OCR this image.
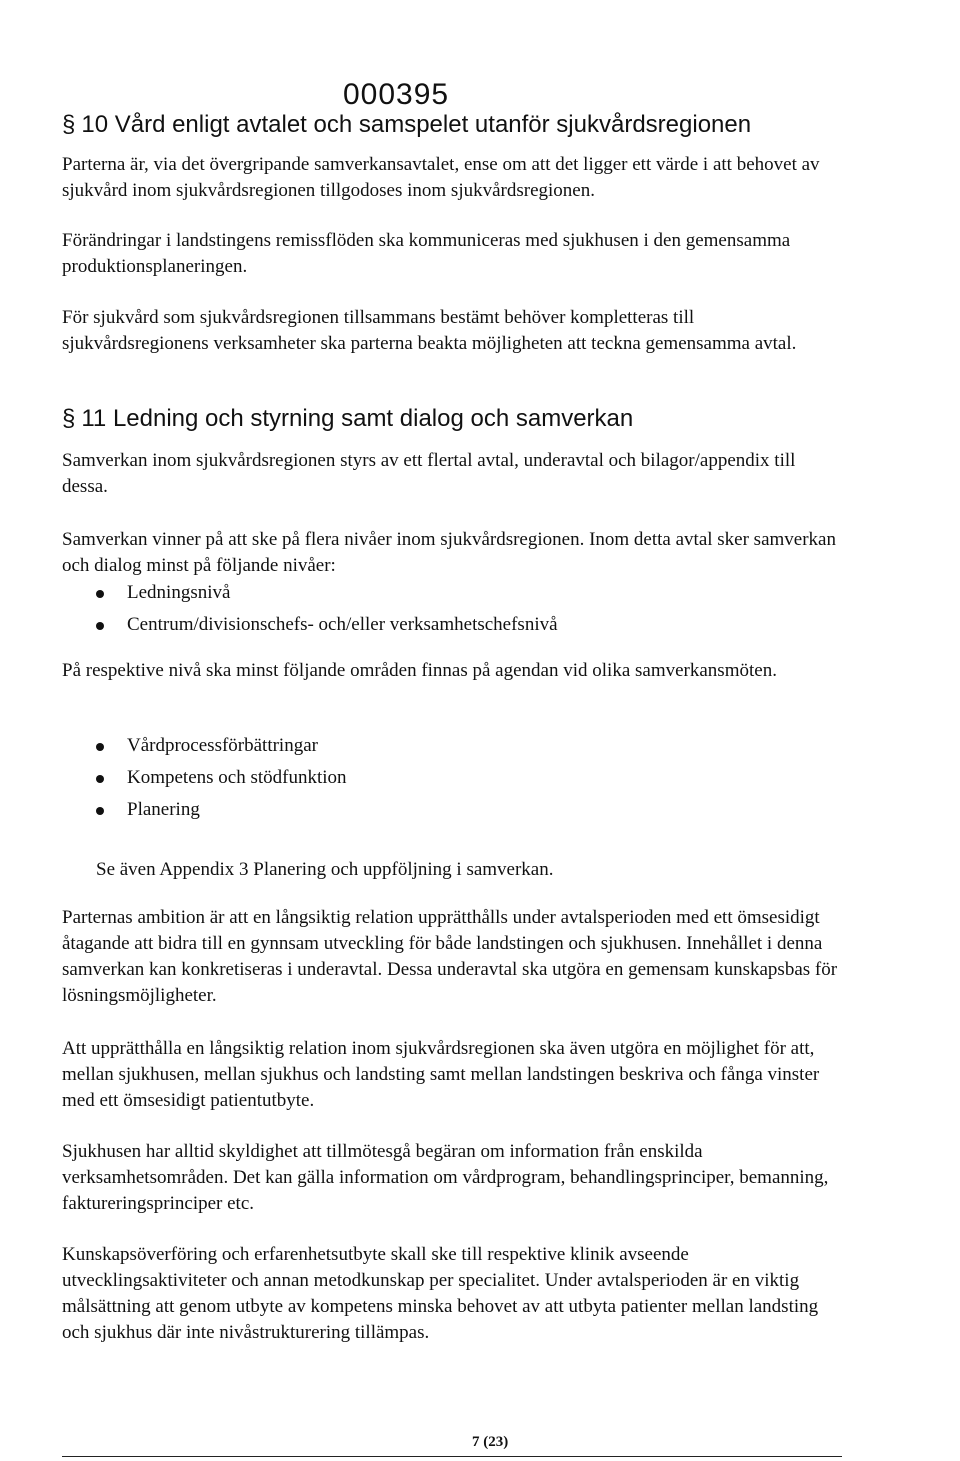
000395
§ 10 Vård enligt avtalet och samspelet utanför sjukvårdsregionen

Parterna är, via det övergripande samverkansavtalet, ense om att det ligger ett värde i att behovet av sjukvård inom sjukvårdsregionen tillgodoses inom sjukvårdsregionen.

Förändringar i landstingens remissflöden ska kommuniceras med sjukhusen i den gemensamma produktionsplaneringen.

För sjukvård som sjukvårdsregionen tillsammans bestämt behöver kompletteras till sjukvårdsregionens verksamheter ska parterna beakta möjligheten att teckna gemensamma avtal.

§ 11 Ledning och styrning samt dialog och samverkan

Samverkan inom sjukvårdsregionen styrs av ett flertal avtal, underavtal och bilagor/appendix till dessa.

Samverkan vinner på att ske på flera nivåer inom sjukvårdsregionen. Inom detta avtal sker samverkan och dialog minst på följande nivåer:

Ledningsnivå
Centrum/divisionschefs- och/eller verksamhetschefsnivå

På respektive nivå ska minst följande områden finnas på agendan vid olika samverkansmöten.

Vårdprocessförbättringar
Kompetens och stödfunktion
Planering

Se även Appendix 3 Planering och uppföljning i samverkan.

Parternas ambition är att en långsiktig relation upprätthålls under avtalsperioden med ett ömsesidigt åtagande att bidra till en gynnsam utveckling för både landstingen och sjukhusen. Innehållet i denna samverkan kan konkretiseras i underavtal. Dessa underavtal ska utgöra en gemensam kunskapsbas för lösningsmöjligheter.

Att upprätthålla en långsiktig relation inom sjukvårdsregionen ska även utgöra en möjlighet för att, mellan sjukhusen, mellan sjukhus och landsting samt mellan landstingen beskriva och fånga vinster med ett ömsesidigt patientutbyte.

Sjukhusen har alltid skyldighet att tillmötesgå begäran om information från enskilda verksamhetsområden. Det kan gälla information om vårdprogram, behandlingsprinciper, bemanning, faktureringsprinciper etc.

Kunskapsöverföring och erfarenhetsutbyte skall ske till respektive klinik avseende utvecklingsaktiviteter och annan metodkunskap per specialitet. Under avtalsperioden är en viktig målsättning att genom utbyte av kompetens minska behovet av att utbyta patienter mellan landsting och sjukhus där inte nivåstrukturering tillämpas.

7 (23)
